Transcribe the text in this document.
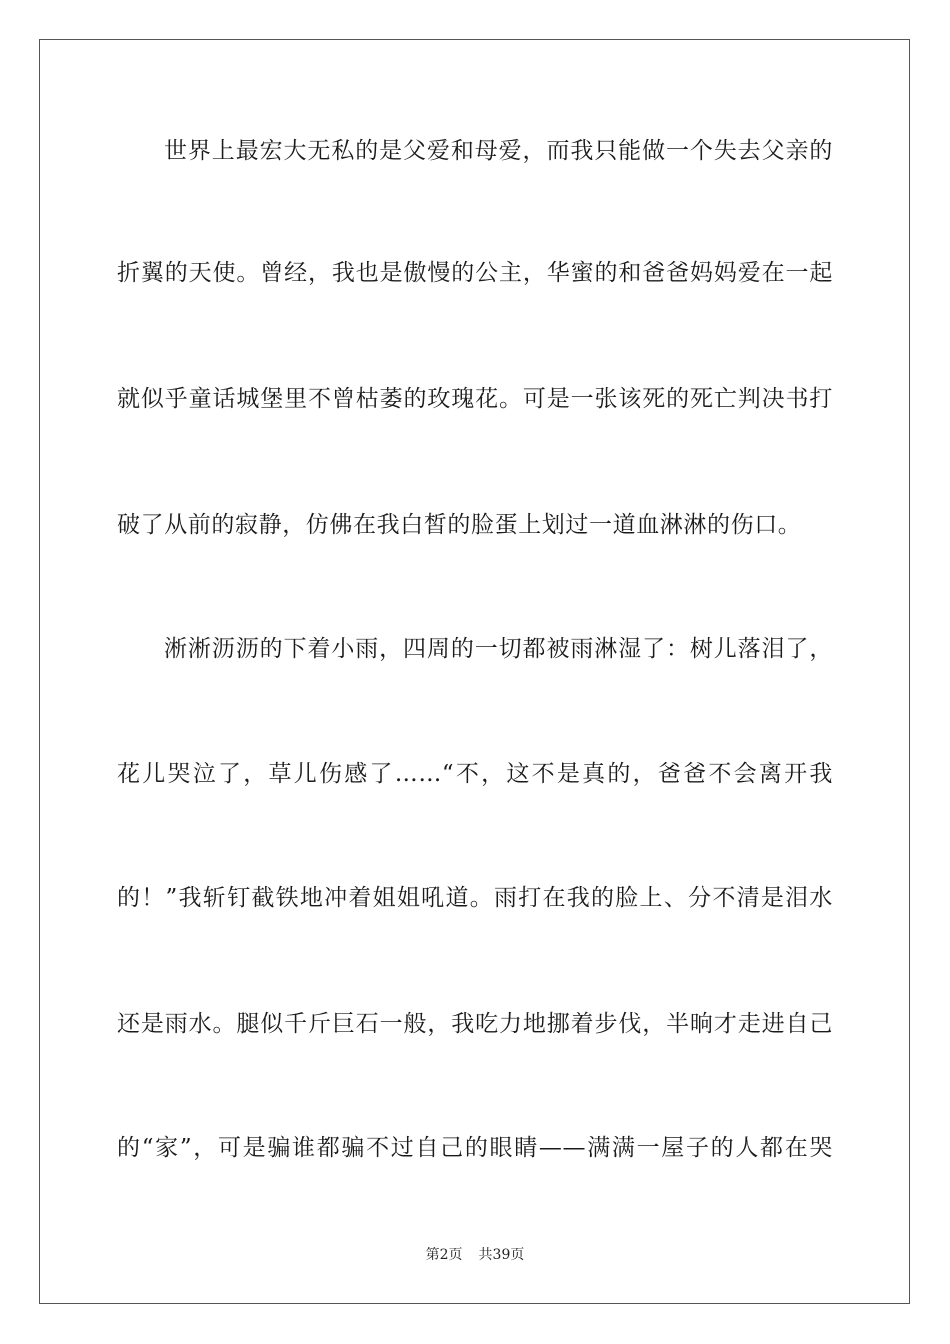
世界上最宏大无私的是父爱和母爱，而我只能做一个失去父亲的
折翼的天使。曾经，我也是傲慢的公主，华蜜的和爸爸妈妈爱在一起
就似乎童话城堡里不曾枯萎的玫瑰花。可是一张该死的死亡判决书打
破了从前的寂静，仿佛在我白皙的脸蛋上划过一道血淋淋的伤口。
淅淅沥沥的下着小雨，四周的一切都被雨淋湿了：树儿落泪了，
花儿哭泣了，草儿伤感了……“不，这不是真的，爸爸不会离开我
的！”我斩钉截铁地冲着姐姐吼道。雨打在我的脸上、分不清是泪水
还是雨水。腿似千斤巨石一般，我吃力地挪着步伐，半晌才走进自己
的“家”，可是骗谁都骗不过自己的眼睛——满满一屋子的人都在哭
第2页 共39页
